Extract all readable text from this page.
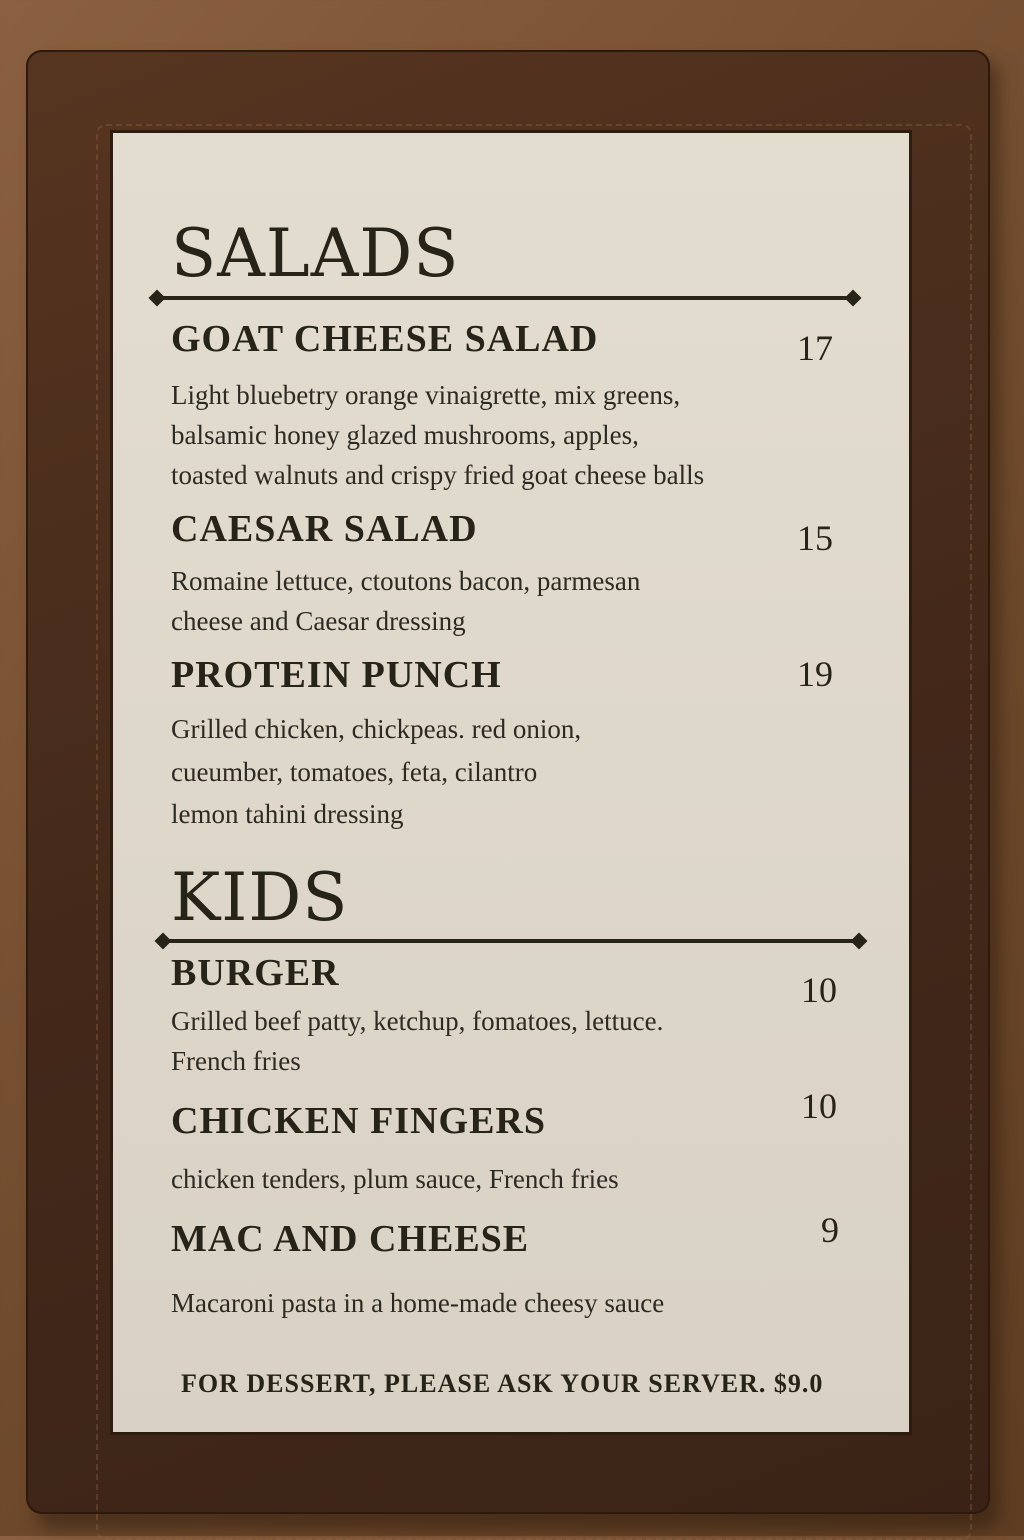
SALADS
GOAT CHEESE SALAD	17
Light bluebetry orange vinaigrette, mix greens,
balsamic honey glazed mushrooms, apples,
toasted walnuts and crispy fried goat cheese balls
CAESAR SALAD	15
Romaine lettuce, ctoutons bacon, parmesan
cheese and Caesar dressing
PROTEIN PUNCH	19
Grilled chicken, chickpeas. red onion,
cueumber, tomatoes, feta, cilantro
lemon tahini dressing
KIDS
BURGER	10
Grilled beef patty, ketchup, fomatoes, lettuce.
French fries
CHICKEN FINGERS	10
chicken tenders, plum sauce, French fries
MAC AND CHEESE	9
Macaroni pasta in a home-made cheesy sauce
FOR DESSERT, PLEASE ASK YOUR SERVER. $9.0
